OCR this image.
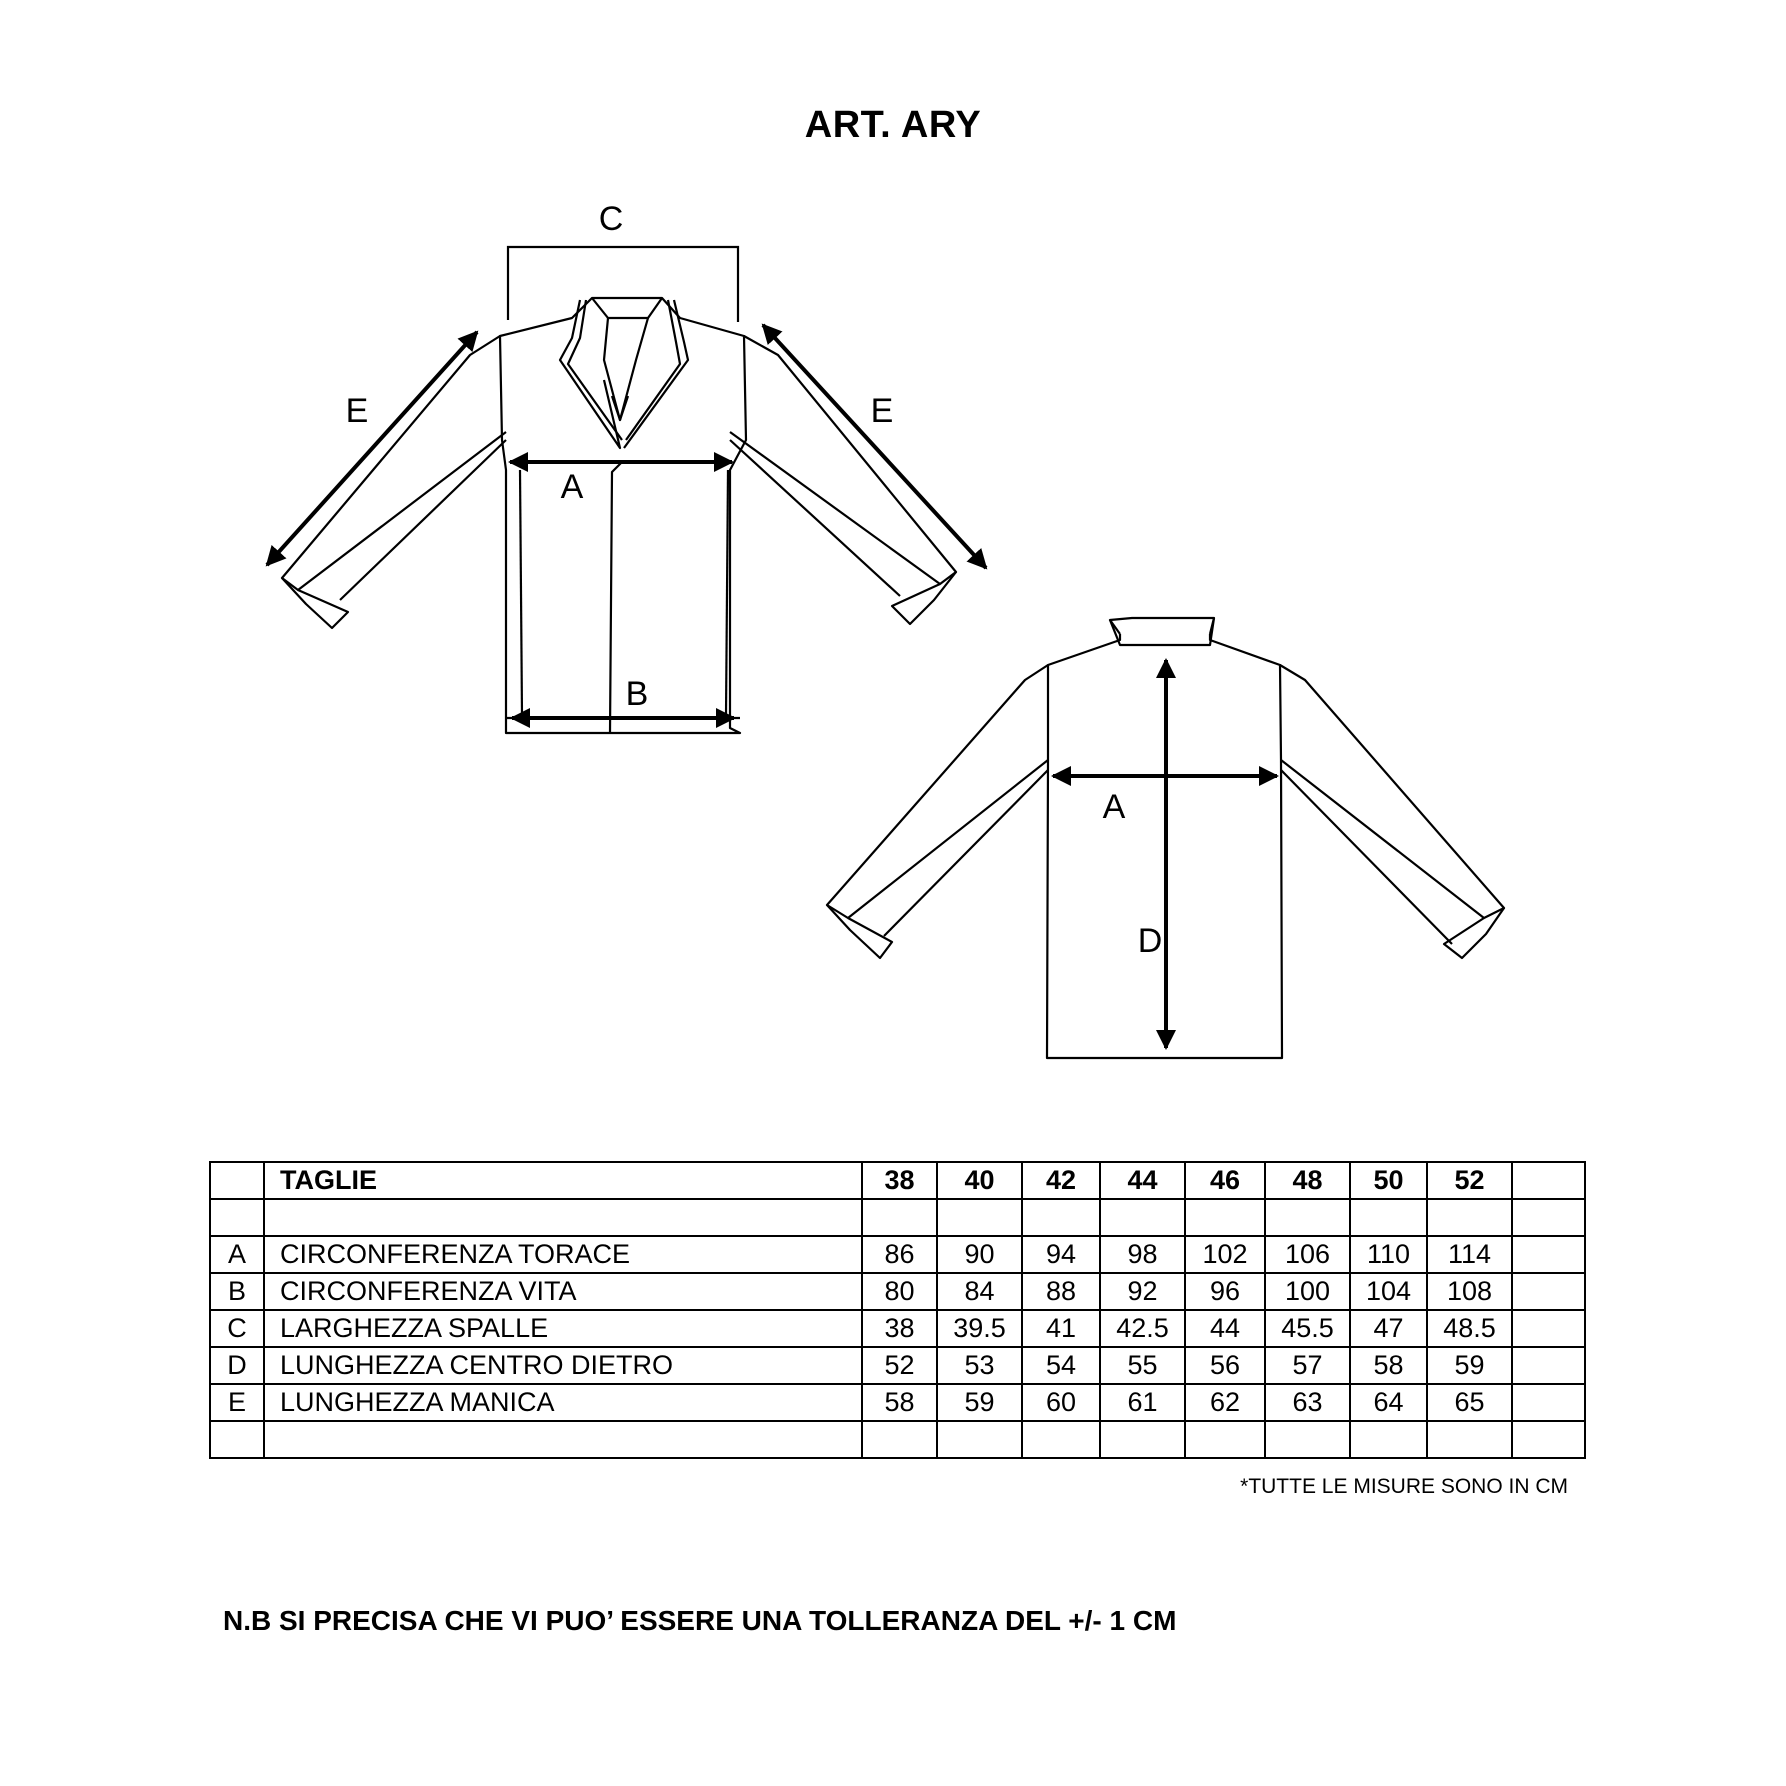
ART. ARY
C
E	E
A
B
A
D
	TAGLIE	38	40	42	44	46	48	50	52	

A	CIRCONFERENZA TORACE	86	90	94	98	102	106	110	114	
B	CIRCONFERENZA VITA	80	84	88	92	96	100	104	108	
C	LARGHEZZA SPALLE	38	39.5	41	42.5	44	45.5	47	48.5	
D	LUNGHEZZA CENTRO DIETRO	52	53	54	55	56	57	58	59	
E	LUNGHEZZA MANICA	58	59	60	61	62	63	64	65	

*TUTTE LE MISURE SONO IN CM
N.B SI PRECISA CHE VI PUO’ ESSERE UNA TOLLERANZA DEL +/- 1 CM
